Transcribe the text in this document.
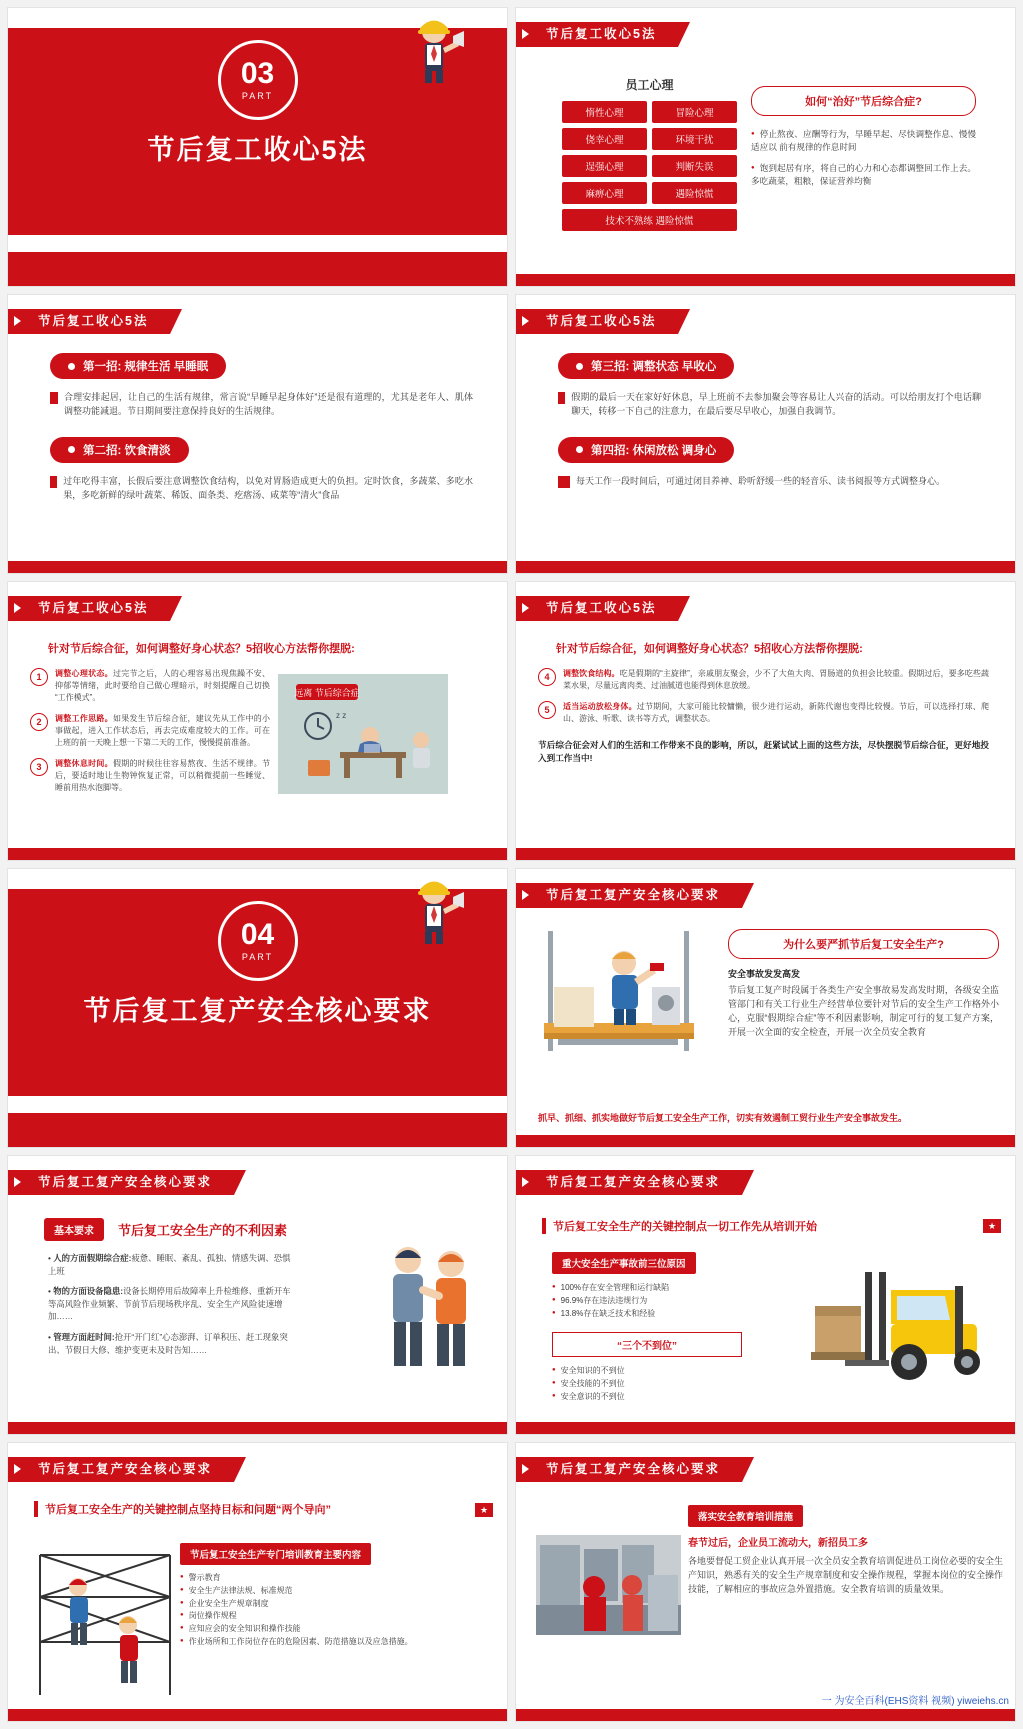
03
PART
节后复工收心5法
节后复工收心5法
员工心理
惰性心理	冒险心理
侥幸心理	环境干扰
逞强心理	判断失误
麻痹心理	遇险惊慌
技术不熟练 遇险惊慌
如何“治好”节后综合症?
● 停止熬夜、应酬等行为，早睡早起、尽快调整作息、慢慢适应以 前有规律的作息时间
● 饱到起居有序，将自己的心力和心态都调整回工作上去。多吃蔬菜，粗粮，保证营养均衡
节后复工收心5法
第一招: 规律生活 早睡眠
合理安排起居，让自己的生活有规律，常言说“早睡早起身体好”还是很有道理的，尤其是老年人、肌体调整功能减退。节日期间要注意保持良好的生活规律。
第二招: 饮食清淡
过年吃得丰富，长假后要注意调整饮食结构，以免对胃肠造成更大的负担。定时饮食，多蔬菜、多吃水果，多吃新鲜的绿叶蔬菜、稀饭、面条类、疙瘩汤、咸菜等“清火”食品
节后复工收心5法
第三招: 调整状态 早收心
假期的最后一天在家好好休息，早上班前不去参加聚会等容易让人兴奋的活动。可以给朋友打个电话聊聊天，转移一下自己的注意力，在最后要尽早收心，加强自我调节。
第四招: 休闲放松 调身心
每天工作一段时间后，可通过闭目养神、聆听舒缓一些的轻音乐、读书阅报等方式调整身心。
节后复工收心5法
针对节后综合征，如何调整好身心状态？5招收心方法帮你摆脱:
1	调整心理状态。过完节之后，人的心理容易出现焦躁不安、抑郁等情绪，此时要给自己做心理暗示，时刻提醒自己切换“工作模式”。
2	调整工作思路。如果发生节后综合征，建议先从工作中的小事做起，进入工作状态后，再去完成难度较大的工作。可在上班的前一天晚上想一下第二天的工作，慢慢提前准备。
3	调整休息时间。假期的时候往往容易熬夜、生活不规律。节后，要适时地让生物钟恢复正常，可以稍微提前一些睡觉、睡前用热水泡脚等。
远离 节后综合症
z z
节后复工收心5法
针对节后综合征，如何调整好身心状态？5招收心方法帮你摆脱:
4	调整饮食结构。吃是假期的“主旋律”，亲戚朋友聚会，少不了大鱼大肉、胃肠道的负担会比较重。假期过后，要多吃些蔬菜水果，尽量远离肉类、过油腻道也能得到休息放缓。
5	适当运动放松身体。过节期间，大家可能比较慵懒，很少进行运动，新陈代谢也变得比较慢。节后，可以选择打球、爬山、游泳、听歌、读书等方式，调整状态。
节后综合征会对人们的生活和工作带来不良的影响，所以，赶紧试试上面的这些方法，尽快摆脱节后综合征，更好地投入到工作当中!
04
PART
节后复工复产安全核心要求
节后复工复产安全核心要求
为什么要严抓节后复工安全生产?
安全事故发发高发
节后复工复产时段属于各类生产安全事故易发高发时期，各级安全监管部门和有关工行业生产经营单位要针对节后的安全生产工作格外小心，克服“假期综合症”等不利因素影响，制定可行的复工复产方案，开展一次全面的安全检查，开展一次全员安全教育
抓早、抓细、抓实地做好节后复工安全生产工作，切实有效遏制工贸行业生产安全事故发生。
节后复工复产安全核心要求
基本要求	节后复工安全生产的不利因素
• 人的方面假期综合症:疲惫、睡眠、紊乱、孤独、情感失调、恐惧上班
• 物的方面设备隐患:设备长期停用后故障率上升检维修、重新开车等高风险作业频繁、节前节后现场秩序乱、安全生产风险徒速增加……
• 管理方面赶时间:抢开“开门红”心态澎湃、订单积压、赶工现象突出、节假日大修、维护变更未及时告知……
节后复工复产安全核心要求
节后复工安全生产的关键控制点一切工作先从培训开始	★
重大安全生产事故前三位原因
● 100%存在安全管理和运行缺陷
● 96.9%存在违法违规行为
● 13.8%存在缺乏技术和经验
“三个不到位”
● 安全知识的不到位
● 安全技能的不到位
● 安全意识的不到位
节后复工复产安全核心要求
节后复工安全生产的关键控制点坚持目标和问题“两个导向”	★
节后复工安全生产专门培训教育主要内容
● 警示教育
● 安全生产法律法规、标准规范
● 企业安全生产规章制度
● 岗位操作规程
● 应知应会的安全知识和操作技能
● 作业场所和工作岗位存在的危险因素、防范措施以及应急措施。
节后复工复产安全核心要求
落实安全教育培训措施
春节过后，企业员工流动大，新招员工多
各地要督促工贸企业认真开展一次全员安全教育培训促进员工岗位必要的安全生产知识，熟悉有关的安全生产规章制度和安全操作规程，掌握本岗位的安全操作技能，了解相应的事故应急外置措施。安全教育培训的质量效果。
一 为安全百科(EHS资料 视频) yiweiehs.cn
